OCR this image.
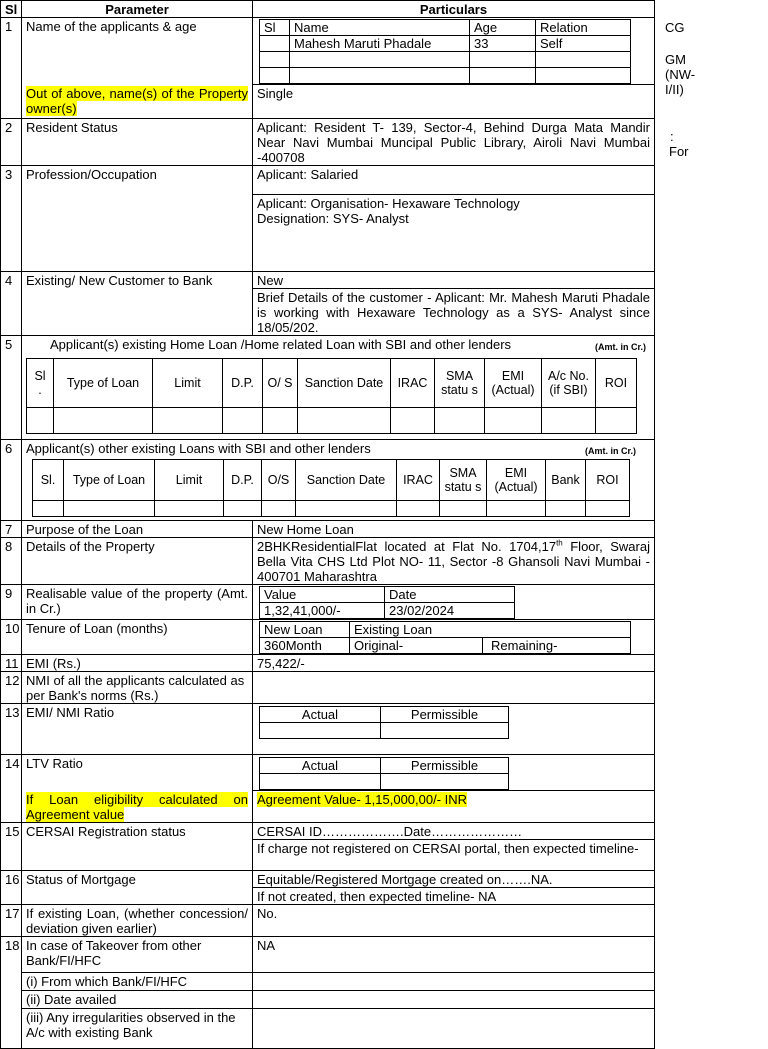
Sl	Parameter	Particulars
1	Name of the applicants & age		Sl	Name	Age	Relation
	Mahesh Maruti Phadale	33	Self

Out of above, name(s) of the Property owner(s)	Single
2	Resident Status	Aplicant: Resident T- 139, Sector-4, Behind Durga Mata Mandir Near Navi Mumbai Muncipal Public Library, Airoli Navi Mumbai -400708
3	Profession/Occupation	Aplicant: Salaried

Aplicant: Organisation- Hexaware Technology
Designation: SYS- Analyst

4	Existing/ New Customer to Bank	New
Brief Details of the customer - Aplicant: Mr. Mahesh Maruti Phadale is working with Hexaware Technology as a SYS- Analyst since 18/05/202.
5	Applicant(s) existing Home Loan /Home related Loan with SBI and other lenders	(Amt. in Cr.)
Sl .	Type of Loan	Limit	D.P.	O/ S	Sanction Date	IRAC	SMA statu s	EMI (Actual)	A/c No. (if SBI)	ROI

6	Applicant(s) other existing Loans with SBI and other lenders	(Amt. in Cr.)
Sl.	Type of Loan	Limit	D.P.	O/S	Sanction Date	IRAC	SMA statu s	EMI (Actual)	Bank	ROI

7	Purpose of the Loan	New Home Loan
8	Details of the Property	2BHKResidentialFlat located at Flat No. 1704,17th Floor, Swaraj Bella Vita CHS Ltd Plot NO- 11, Sector -8 Ghansoli Navi Mumbai - 400701 Maharashtra
9	Realisable value of the property (Amt. in Cr.)	
Value	Date
1,32,41,000/-	23/02/2024

10	Tenure of Loan (months)		New Loan	Existing Loan
360Month	Original-	Remaining-

11	EMI (Rs.)	75,422/-
12	NMI of all the applicants calculated as per Bank's norms (Rs.)	
13	EMI/ NMI Ratio		Actual	Permissible

14	LTV Ratio		Actual	Permissible

If Loan eligibility calculated on Agreement value	Agreement Value- 1,15,000,00/- INR
15	CERSAI Registration status	CERSAI ID……………….Date…………………
If charge not registered on CERSAI portal, then expected timeline-
16	Status of Mortgage	Equitable/Registered Mortgage created on…….NA.
If not created, then expected timeline- NA
17	If existing Loan, (whether concession/ deviation given earlier)	No.
18	In case of Takeover from other Bank/FI/HFC	NA
(i) From which Bank/FI/HFC	
(ii) Date availed	
(iii) Any irregularities observed in the A/c with existing Bank	
CG
GM
(NW-
I/II)
:
For
